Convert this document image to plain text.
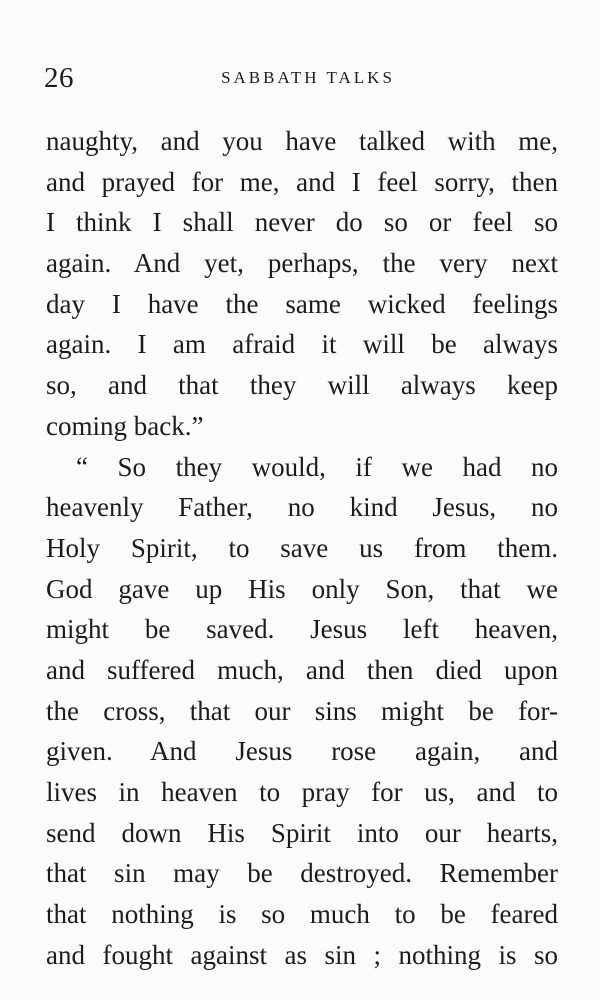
26	SABBATH TALKS
naughty, and you have talked with me,
and prayed for me, and I feel sorry, then
I think I shall never do so or feel so
again. And yet, perhaps, the very next
day I have the same wicked feelings
again. I am afraid it will be always
so, and that they will always keep
coming back.”
“ So they would, if we had no
heavenly Father, no kind Jesus, no
Holy Spirit, to save us from them.
God gave up His only Son, that we
might be saved. Jesus left heaven,
and suffered much, and then died upon
the cross, that our sins might be for-
given. And Jesus rose again, and
lives in heaven to pray for us, and to
send down His Spirit into our hearts,
that sin may be destroyed. Remember
that nothing is so much to be feared
and fought against as sin ; nothing is so
